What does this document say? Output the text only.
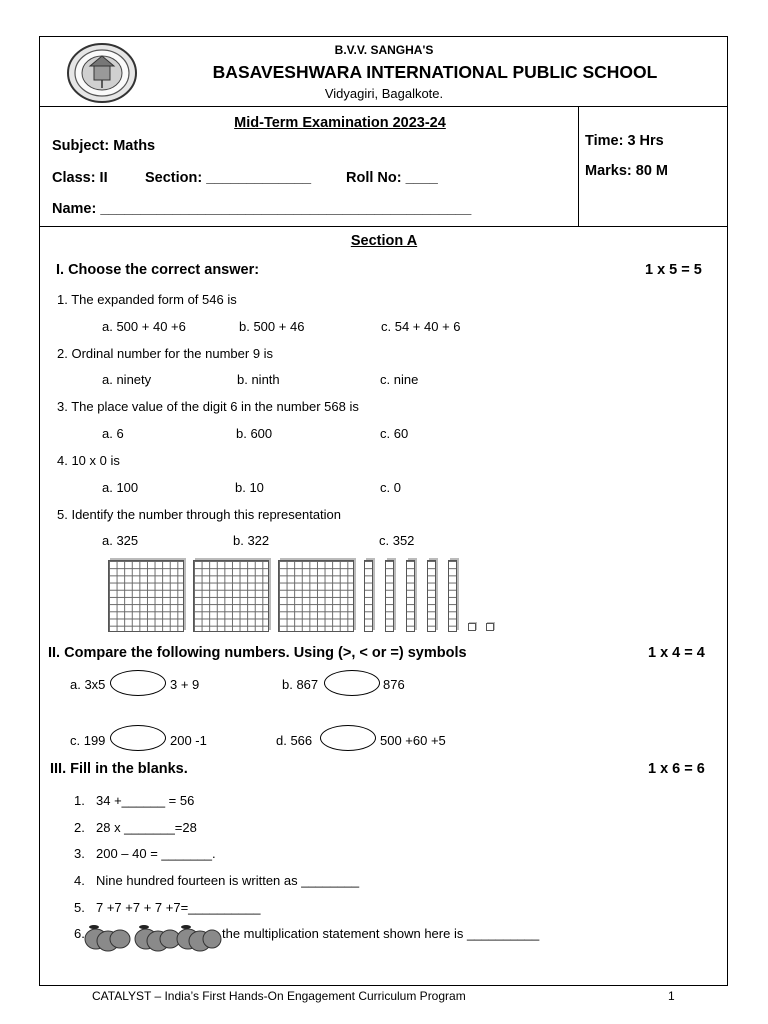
B.V.V. SANGHA'S
BASAVESHWARA INTERNATIONAL PUBLIC SCHOOL
Vidyagiri, Bagalkote.
Mid-Term Examination 2023-24
Subject: Maths
Class: II	Section: _____________ Roll No: ____
Name: ______________________________________________
Time: 3 Hrs
Marks: 80 M
Section A
I. Choose the correct answer:	1 x 5 = 5
1. The expanded form of 546 is
a. 500 + 40 +6	b. 500 + 46	c. 54 + 40 + 6
2. Ordinal number for the number 9 is
a. ninety	b. ninth	c. nine
3. The place value of the digit 6 in the number 568 is
a. 6	b. 600	c. 60
4. 10 x 0 is
a. 100	b. 10	c. 0
5. Identify the number through this representation
a. 325	b. 322	c. 352
II. Compare the following numbers. Using (>, < or =) symbols	1 x 4 = 4
a. 3x5	3 + 9	b. 867	876
c. 199	200 -1	d. 566	500 +60 +5
III. Fill in the blanks.	1 x 6 = 6
1. 34 +______ = 56
2. 28 x _______=28
3. 200 – 40 = _______.
4. Nine hundred fourteen is written as ________
5. 7 +7 +7 + 7 +7=__________
6.	the multiplication statement shown here is __________
CATALYST – India’s First Hands-On Engagement Curriculum Program	1
